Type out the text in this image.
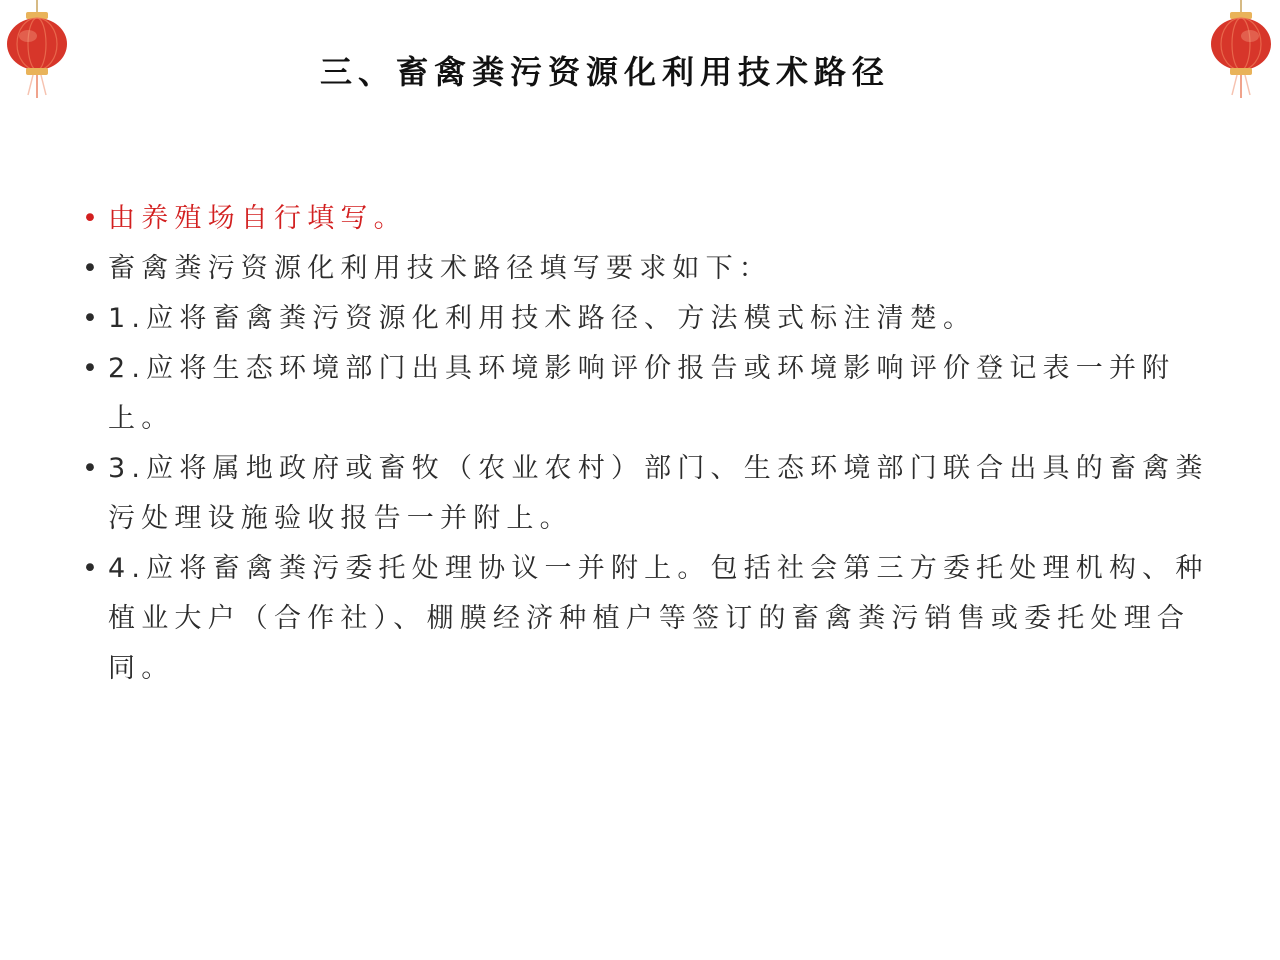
三、畜禽粪污资源化利用技术路径
• 由养殖场自行填写。
• 畜禽粪污资源化利用技术路径填写要求如下：
• 1.应将畜禽粪污资源化利用技术路径、方法模式标注清楚。
• 2.应将生态环境部门出具环境影响评价报告或环境影响评价登记表一并附上。
• 3.应将属地政府或畜牧（农业农村）部门、生态环境部门联合出具的畜禽粪污处理设施验收报告一并附上。
• 4.应将畜禽粪污委托处理协议一并附上。包括社会第三方委托处理机构、种植业大户（合作社）、棚膜经济种植户等签订的畜禽粪污销售或委托处理合同。
